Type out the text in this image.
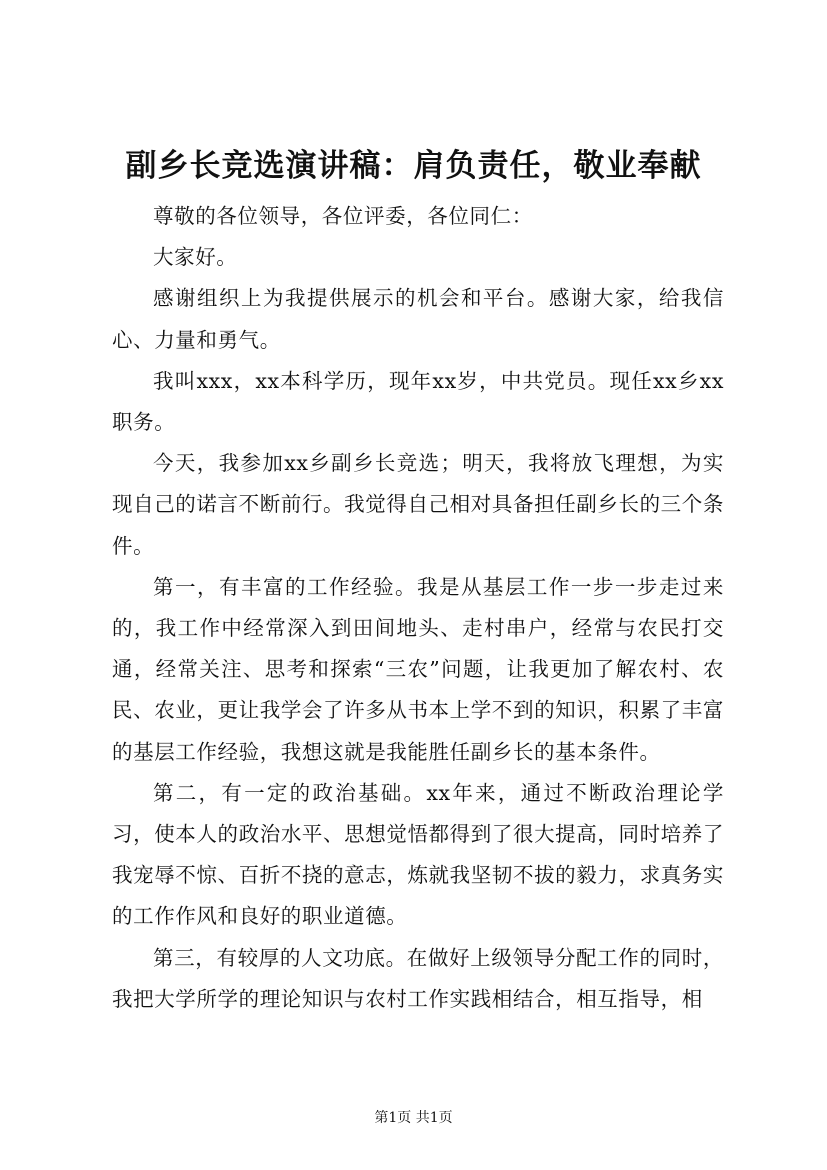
副乡长竞选演讲稿：肩负责任，敬业奉献

尊敬的各位领导，各位评委，各位同仁：

大家好。

感谢组织上为我提供展示的机会和平台。感谢大家，给我信心、力量和勇气。

我叫xxx，xx本科学历，现年xx岁，中共党员。现任xx乡xx职务。

今天，我参加xx乡副乡长竞选；明天，我将放飞理想，为实现自己的诺言不断前行。我觉得自己相对具备担任副乡长的三个条件。

第一，有丰富的工作经验。我是从基层工作一步一步走过来的，我工作中经常深入到田间地头、走村串户，经常与农民打交通，经常关注、思考和探索“三农”问题，让我更加了解农村、农民、农业，更让我学会了许多从书本上学不到的知识，积累了丰富的基层工作经验，我想这就是我能胜任副乡长的基本条件。

第二，有一定的政治基础。xx年来，通过不断政治理论学习，使本人的政治水平、思想觉悟都得到了很大提高，同时培养了我宠辱不惊、百折不挠的意志，炼就我坚韧不拔的毅力，求真务实的工作作风和良好的职业道德。

第三，有较厚的人文功底。在做好上级领导分配工作的同时，我把大学所学的理论知识与农村工作实践相结合，相互指导，相

第1页 共1页
